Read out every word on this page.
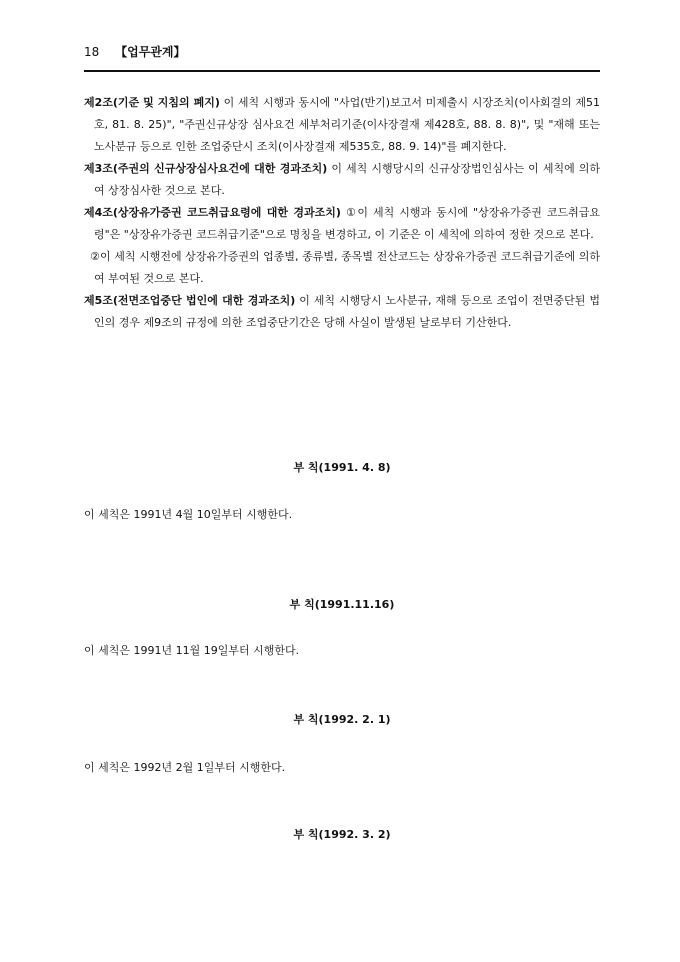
18 【업무관계】

제2조(기준 및 지침의 폐지) 이 세칙 시행과 동시에 "사업(반기)보고서 미제출시 시장조치(이사회결의 제51호, 81. 8. 25)", "주권신규상장 심사요건 세부처리기준(이사장결재 제428호, 88. 8. 8)", 및 "재해 또는 노사분규 등으로 인한 조업중단시 조치(이사장결재 제535호, 88. 9. 14)"를 폐지한다.

제3조(주권의 신규상장심사요건에 대한 경과조치) 이 세칙 시행당시의 신규상장법인심사는 이 세칙에 의하여 상장심사한 것으로 본다.

제4조(상장유가증권 코드취급요령에 대한 경과조치) ①이 세칙 시행과 동시에 "상장유가증권 코드취급요령"은 "상장유가증권 코드취급기준"으로 명칭을 변경하고, 이 기준은 이 세칙에 의하여 정한 것으로 본다.

②이 세칙 시행전에 상장유가증권의 업종별, 종류별, 종목별 전산코드는 상장유가증권 코드취급기준에 의하여 부여된 것으로 본다.

제5조(전면조업중단 법인에 대한 경과조치) 이 세칙 시행당시 노사분규, 재해 등으로 조업이 전면중단된 법인의 경우 제9조의 규정에 의한 조업중단기간은 당해 사실이 발생된 날로부터 기산한다.

부 칙(1991. 4. 8)
이 세칙은 1991년 4월 10일부터 시행한다.
부 칙(1991.11.16)
이 세칙은 1991년 11월 19일부터 시행한다.
부 칙(1992. 2. 1)
이 세칙은 1992년 2월 1일부터 시행한다.
부 칙(1992. 3. 2)
